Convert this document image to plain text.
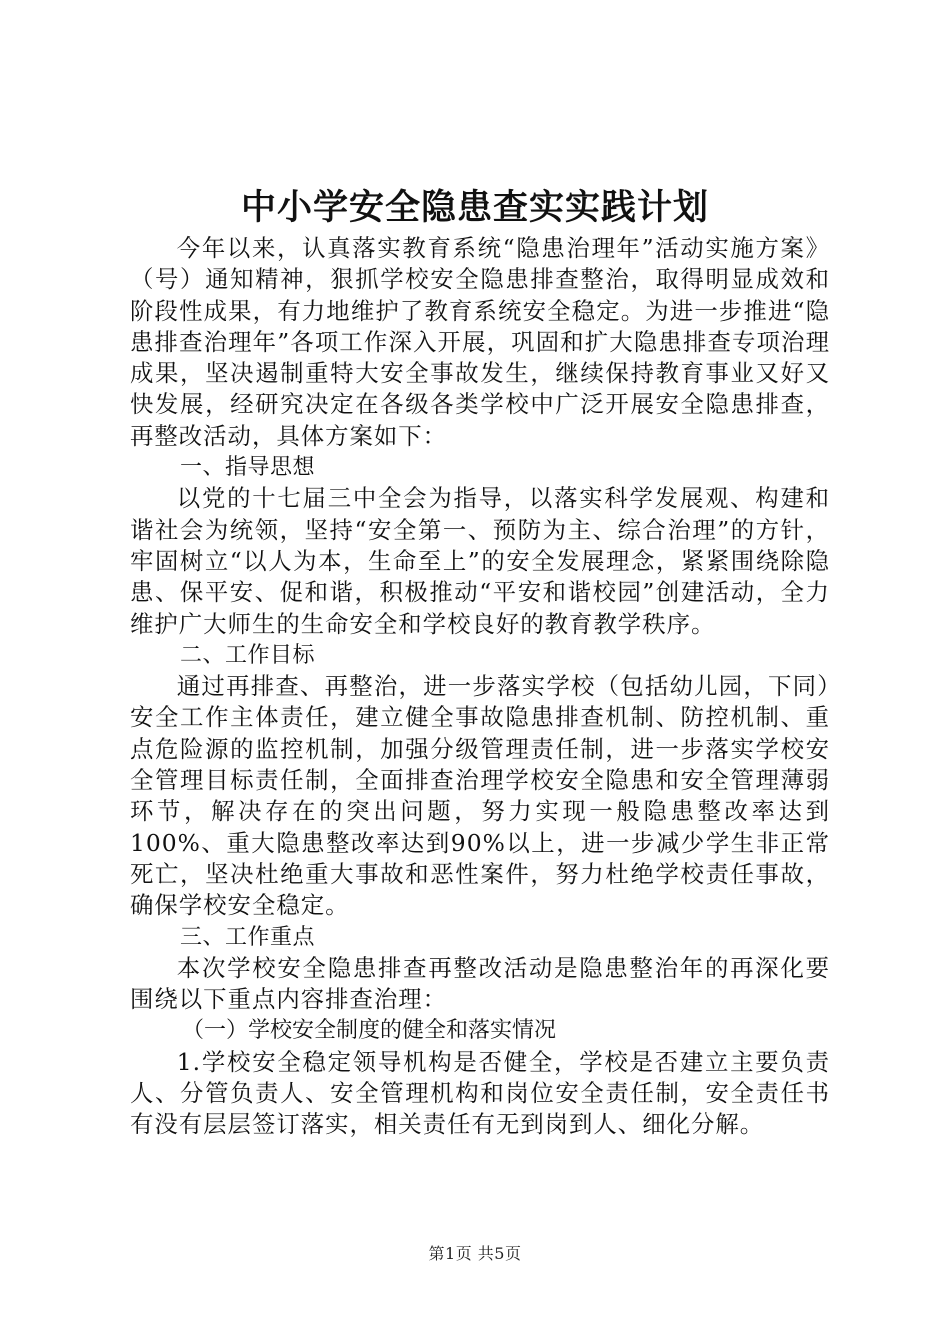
中小学安全隐患查实实践计划

今年以来，认真落实教育系统“隐患治理年”活动实施方案》（号）通知精神，狠抓学校安全隐患排查整治，取得明显成效和阶段性成果，有力地维护了教育系统安全稳定。为进一步推进“隐患排查治理年”各项工作深入开展，巩固和扩大隐患排查专项治理成果，坚决遏制重特大安全事故发生，继续保持教育事业又好又快发展，经研究决定在各级各类学校中广泛开展安全隐患排查，再整改活动，具体方案如下：

一、指导思想

以党的十七届三中全会为指导，以落实科学发展观、构建和谐社会为统领，坚持“安全第一、预防为主、综合治理”的方针，牢固树立“以人为本，生命至上”的安全发展理念，紧紧围绕除隐患、保平安、促和谐，积极推动“平安和谐校园”创建活动，全力维护广大师生的生命安全和学校良好的教育教学秩序。

二、工作目标

通过再排查、再整治，进一步落实学校（包括幼儿园，下同）安全工作主体责任，建立健全事故隐患排查机制、防控机制、重点危险源的监控机制，加强分级管理责任制，进一步落实学校安全管理目标责任制，全面排查治理学校安全隐患和安全管理薄弱环节，解决存在的突出问题，努力实现一般隐患整改率达到100%、重大隐患整改率达到90%以上，进一步减少学生非正常死亡，坚决杜绝重大事故和恶性案件，努力杜绝学校责任事故，确保学校安全稳定。

三、工作重点

本次学校安全隐患排查再整改活动是隐患整治年的再深化要围绕以下重点内容排查治理：

（一）学校安全制度的健全和落实情况

1.学校安全稳定领导机构是否健全，学校是否建立主要负责人、分管负责人、安全管理机构和岗位安全责任制，安全责任书有没有层层签订落实，相关责任有无到岗到人、细化分解。

第1页 共5页
